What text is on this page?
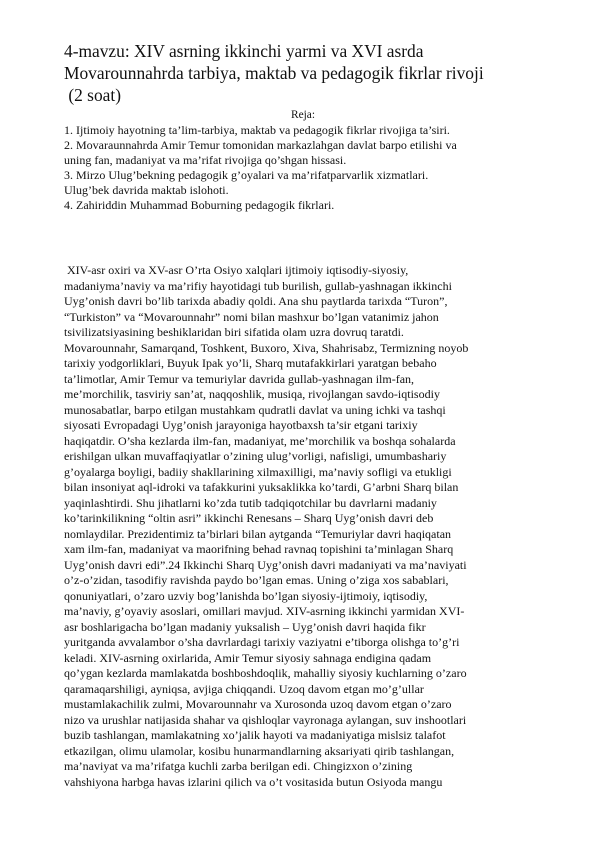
4-mavzu: XIV asrning ikkinchi yarmi va XVI asrda
Movarounnahrda tarbiya, maktab va pedagogik fikrlar rivoji
(2 soat)

Reja:

1. Ijtimoiy hayotning ta’lim-tarbiya, maktab va pedagogik fikrlar rivojiga ta’siri.
2. Movaraunnahrda Amir Temur tomonidan markazlahgan davlat barpo etilishi va
uning fan, madaniyat va ma’rifat rivojiga qo’shgan hissasi.
3. Mirzo Ulug’bekning pedagogik g’oyalari va ma’rifatparvarlik xizmatlari.
Ulug’bek davrida maktab islohoti.
4. Zahiriddin Muhammad Boburning pedagogik fikrlari.
XIV-asr oxiri va XV-asr O’rta Osiyo xalqlari ijtimoiy iqtisodiy-siyosiy,
madaniyma’naviy va ma’rifiy hayotidagi tub burilish, gullab-yashnagan ikkinchi
Uyg’onish davri bo’lib tarixda abadiy qoldi. Ana shu paytlarda tarixda “Turon”,
“Turkiston” va “Movarounnahr” nomi bilan mashxur bo’lgan vatanimiz jahon
tsivilizatsiyasining beshiklaridan biri sifatida olam uzra dovruq taratdi.
Movarounnahr, Samarqand, Toshkent, Buxoro, Xiva, Shahrisabz, Termizning noyob
tarixiy yodgorliklari, Buyuk Ipak yo’li, Sharq mutafakkirlari yaratgan bebaho
ta’limotlar, Amir Temur va temuriylar davrida gullab-yashnagan ilm-fan,
me’morchilik, tasviriy san’at, naqqoshlik, musiqa, rivojlangan savdo-iqtisodiy
munosabatlar, barpo etilgan mustahkam qudratli davlat va uning ichki va tashqi
siyosati Evropadagi Uyg’onish jarayoniga hayotbaxsh ta’sir etgani tarixiy
haqiqatdir. O’sha kezlarda ilm-fan, madaniyat, me’morchilik va boshqa sohalarda
erishilgan ulkan muvaffaqiyatlar o’zining ulug’vorligi, nafisligi, umumbashariy
g’oyalarga boyligi, badiiy shakllarining xilmaxilligi, ma’naviy sofligi va etukligi
bilan insoniyat aql-idroki va tafakkurini yuksaklikka ko’tardi, G’arbni Sharq bilan
yaqinlashtirdi. Shu jihatlarni ko’zda tutib tadqiqotchilar bu davrlarni madaniy
ko’tarinkilikning “oltin asri” ikkinchi Renesans – Sharq Uyg’onish davri deb
nomlaydilar. Prezidentimiz ta’birlari bilan aytganda “Temuriylar davri haqiqatan
xam ilm-fan, madaniyat va maorifning behad ravnaq topishini ta’minlagan Sharq
Uyg’onish davri edi”.24 Ikkinchi Sharq Uyg’onish davri madaniyati va ma’naviyati
o’z-o’zidan, tasodifiy ravishda paydo bo’lgan emas. Uning o’ziga xos sabablari,
qonuniyatlari, o’zaro uzviy bog’lanishda bo’lgan siyosiy-ijtimoiy, iqtisodiy,
ma’naviy, g’oyaviy asoslari, omillari mavjud. XIV-asrning ikkinchi yarmidan XVI-
asr boshlarigacha bo’lgan madaniy yuksalish – Uyg’onish davri haqida fikr
yuritganda avvalambor o’sha davrlardagi tarixiy vaziyatni e’tiborga olishga to’g’ri
keladi. XIV-asrning oxirlarida, Amir Temur siyosiy sahnaga endigina qadam
qo’ygan kezlarda mamlakatda boshboshdoqlik, mahalliy siyosiy kuchlarning o’zaro
qaramaqarshiligi, ayniqsa, avjiga chiqqandi. Uzoq davom etgan mo’g’ullar
mustamlakachilik zulmi, Movarounnahr va Xurosonda uzoq davom etgan o’zaro
nizo va urushlar natijasida shahar va qishloqlar vayronaga aylangan, suv inshootlari
buzib tashlangan, mamlakatning xo’jalik hayoti va madaniyatiga mislsiz talafot
etkazilgan, olimu ulamolar, kosibu hunarmandlarning aksariyati qirib tashlangan,
ma’naviyat va ma’rifatga kuchli zarba berilgan edi. Chingizxon o’zining
vahshiyona harbga havas izlarini qilich va o’t vositasida butun Osiyoda mangu
